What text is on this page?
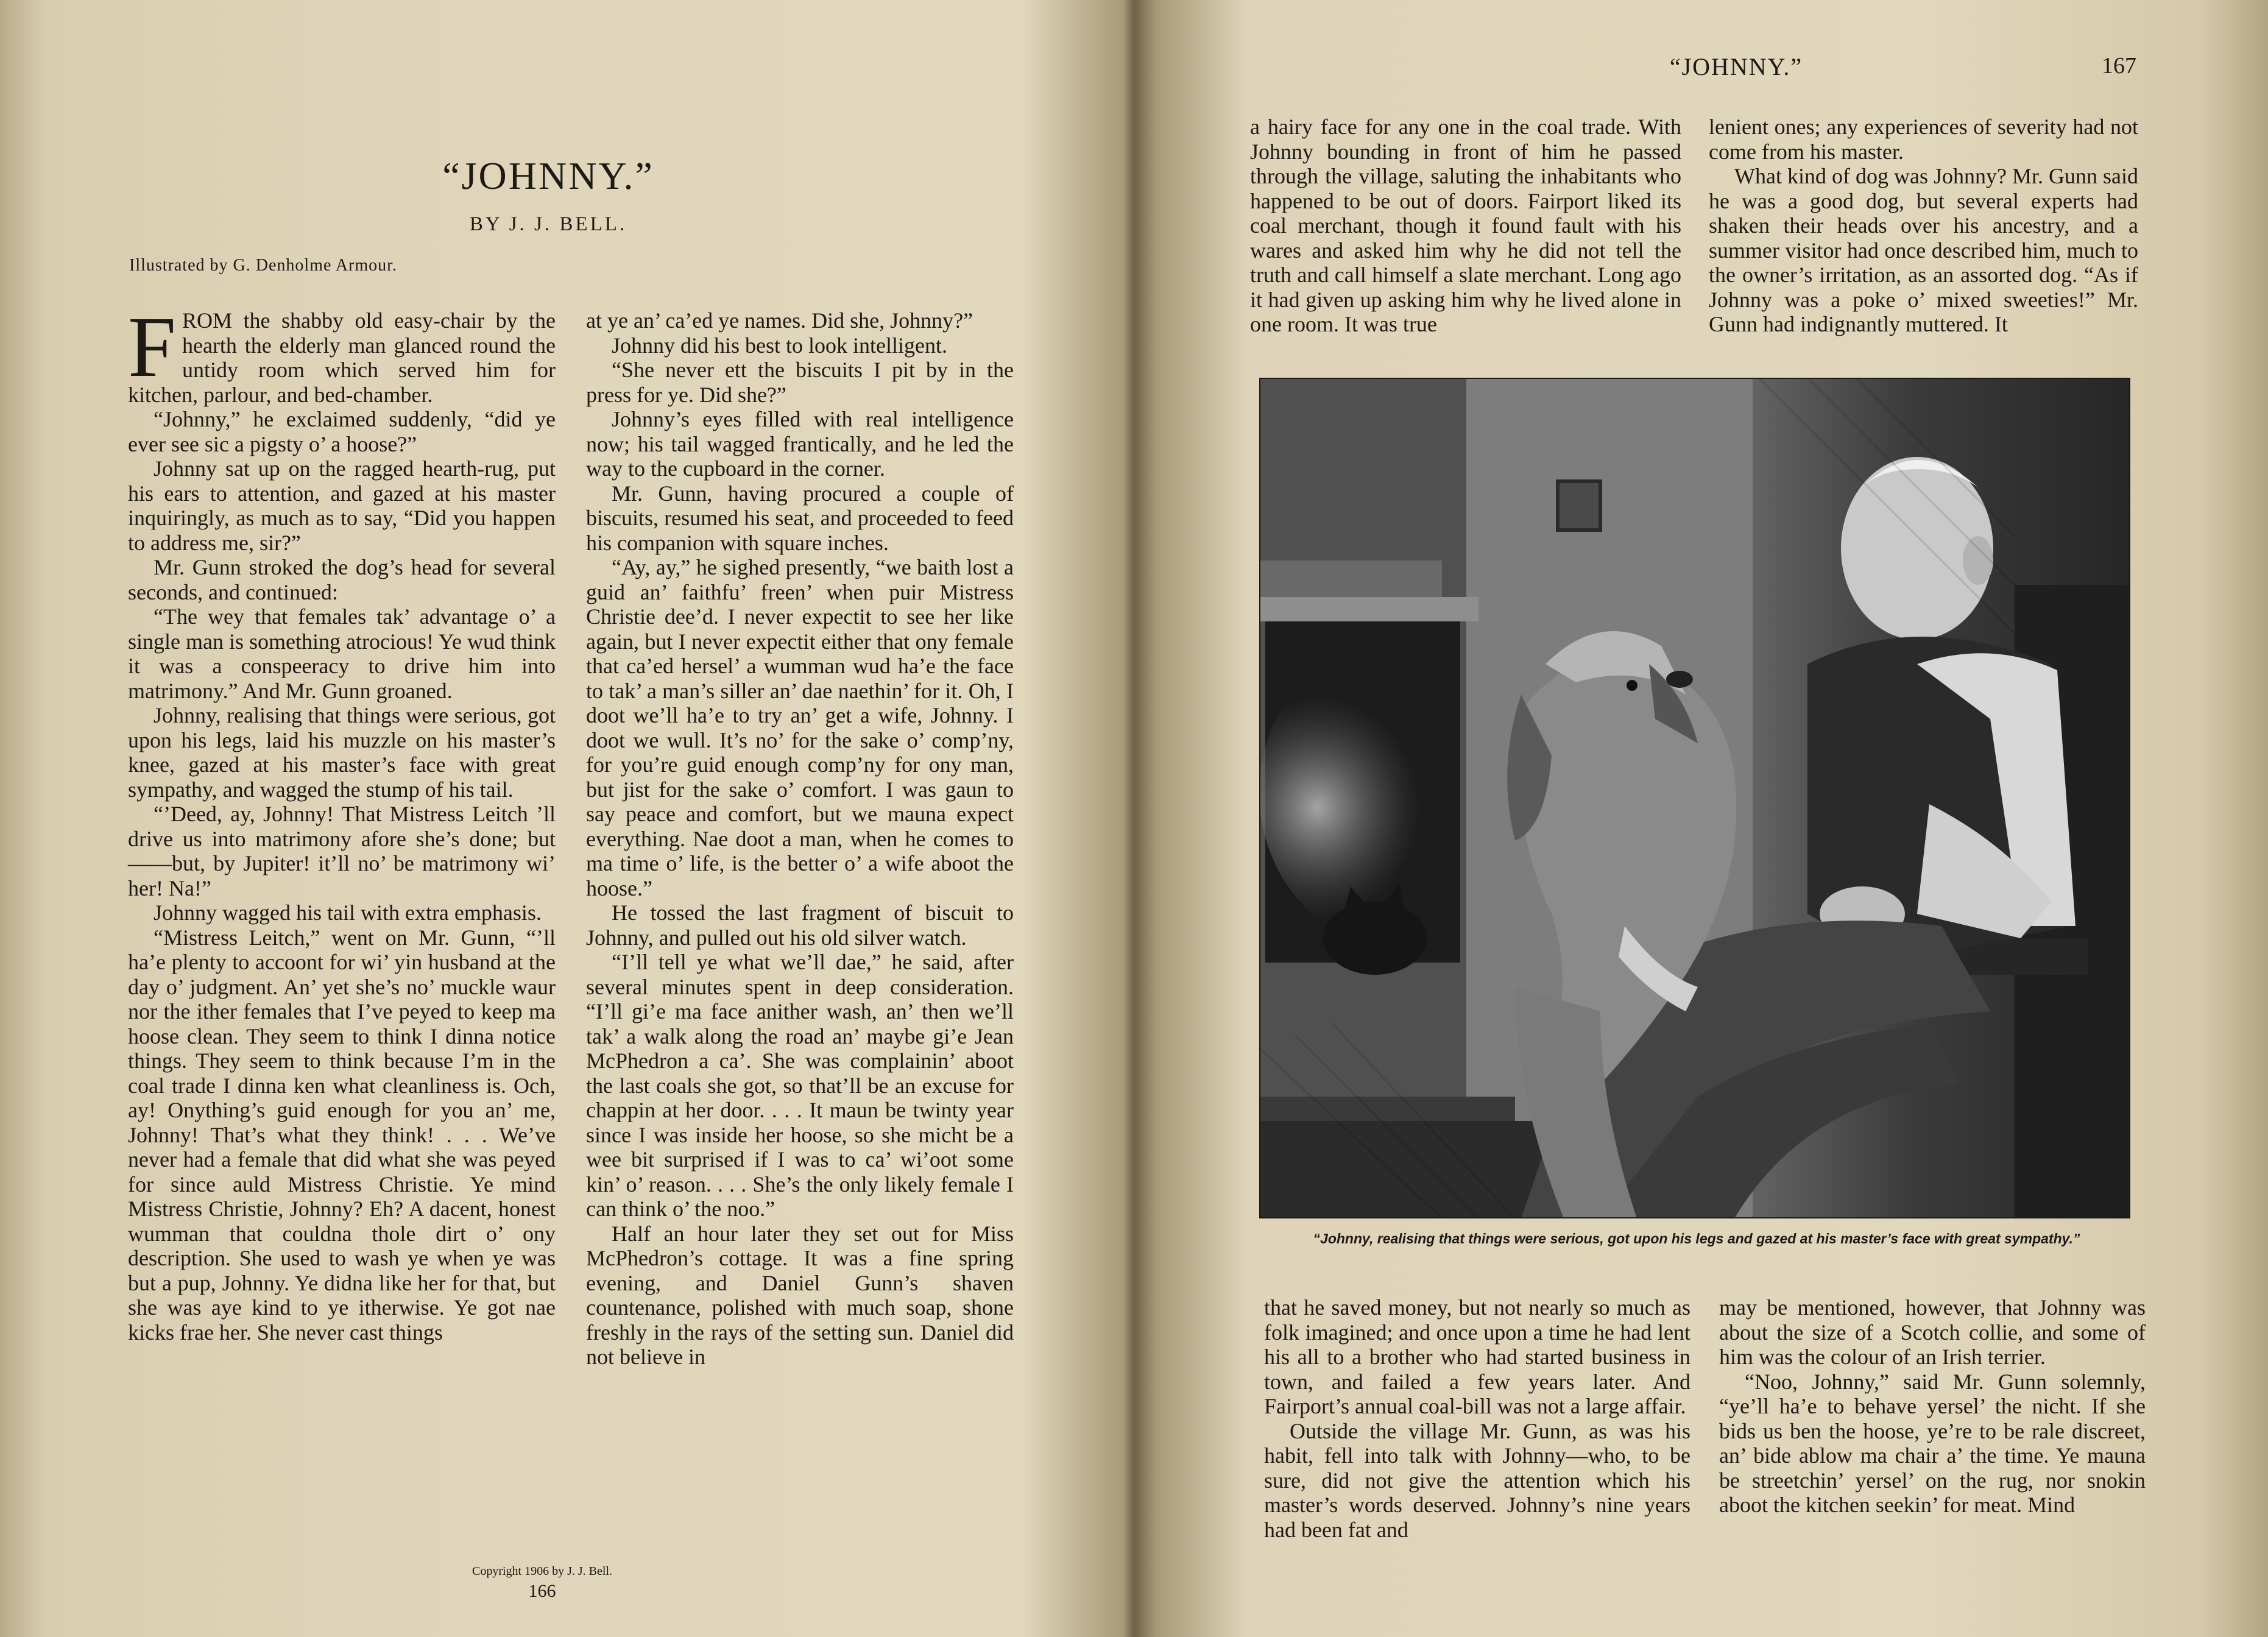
“JOHNNY.”
BY J. J. BELL.
Illustrated by G. Denholme Armour.

FROM the shabby old easy-chair by the hearth the elderly man glanced round the untidy room which served him for kitchen, parlour, and bed-chamber.

“Johnny,” he exclaimed suddenly, “did ye ever see sic a pigsty o’ a hoose?”

Johnny sat up on the ragged hearth-rug, put his ears to attention, and gazed at his master inquiringly, as much as to say, “Did you happen to address me, sir?”

Mr. Gunn stroked the dog’s head for several seconds, and continued:

“The wey that females tak’ advantage o’ a single man is something atrocious! Ye wud think it was a conspeeracy to drive him into matrimony.” And Mr. Gunn groaned.

Johnny, realising that things were serious, got upon his legs, laid his muzzle on his master’s knee, gazed at his master’s face with great sympathy, and wagged the stump of his tail.

“’Deed, ay, Johnny! That Mistress Leitch ’ll drive us into matrimony afore she’s done; but——but, by Jupiter! it’ll no’ be matrimony wi’ her! Na!”

Johnny wagged his tail with extra emphasis.

“Mistress Leitch,” went on Mr. Gunn, “’ll ha’e plenty to accoont for wi’ yin husband at the day o’ judgment. An’ yet she’s no’ muckle waur nor the ither females that I’ve peyed to keep ma hoose clean. They seem to think I dinna notice things. They seem to think because I’m in the coal trade I dinna ken what cleanliness is. Och, ay! Onything’s guid enough for you an’ me, Johnny! That’s what they think! . . . We’ve never had a female that did what she was peyed for since auld Mistress Christie. Ye mind Mistress Christie, Johnny? Eh? A dacent, honest wumman that couldna thole dirt o’ ony description. She used to wash ye when ye was but a pup, Johnny. Ye didna like her for that, but she was aye kind to ye itherwise. Ye got nae kicks frae her. She never cast things

at ye an’ ca’ed ye names. Did she, Johnny?”

Johnny did his best to look intelligent.

“She never ett the biscuits I pit by in the press for ye. Did she?”

Johnny’s eyes filled with real intelligence now; his tail wagged frantically, and he led the way to the cupboard in the corner.

Mr. Gunn, having procured a couple of biscuits, resumed his seat, and proceeded to feed his companion with square inches.

“Ay, ay,” he sighed presently, “we baith lost a guid an’ faithfu’ freen’ when puir Mistress Christie dee’d. I never expectit to see her like again, but I never expectit either that ony female that ca’ed hersel’ a wumman wud ha’e the face to tak’ a man’s siller an’ dae naethin’ for it. Oh, I doot we’ll ha’e to try an’ get a wife, Johnny. I doot we wull. It’s no’ for the sake o’ comp’ny, for you’re guid enough comp’ny for ony man, but jist for the sake o’ comfort. I was gaun to say peace and comfort, but we mauna expect everything. Nae doot a man, when he comes to ma time o’ life, is the better o’ a wife aboot the hoose.”

He tossed the last fragment of biscuit to Johnny, and pulled out his old silver watch.

“I’ll tell ye what we’ll dae,” he said, after several minutes spent in deep consideration. “I’ll gi’e ma face anither wash, an’ then we’ll tak’ a walk along the road an’ maybe gi’e Jean McPhedron a ca’. She was complainin’ aboot the last coals she got, so that’ll be an excuse for chappin at her door. . . . It maun be twinty year since I was inside her hoose, so she micht be a wee bit surprised if I was to ca’ wi’oot some kin’ o’ reason. . . . She’s the only likely female I can think o’ the noo.”

Half an hour later they set out for Miss McPhedron’s cottage. It was a fine spring evening, and Daniel Gunn’s shaven countenance, polished with much soap, shone freshly in the rays of the setting sun. Daniel did not believe in

Copyright 1906 by J. J. Bell.
166
“JOHNNY.”	167

a hairy face for any one in the coal trade. With Johnny bounding in front of him he passed through the village, saluting the inhabitants who happened to be out of doors. Fairport liked its coal merchant, though it found fault with his wares and asked him why he did not tell the truth and call himself a slate merchant. Long ago it had given up asking him why he lived alone in one room. It was true

lenient ones; any experiences of severity had not come from his master.

What kind of dog was Johnny? Mr. Gunn said he was a good dog, but several experts had shaken their heads over his ancestry, and a summer visitor had once described him, much to the owner’s irritation, as an assorted dog. “As if Johnny was a poke o’ mixed sweeties!” Mr. Gunn had indignantly muttered. It

“Johnny, realising that things were serious, got upon his legs and gazed at his master’s face with great sympathy.”

that he saved money, but not nearly so much as folk imagined; and once upon a time he had lent his all to a brother who had started business in town, and failed a few years later. And Fairport’s annual coal-bill was not a large affair.

Outside the village Mr. Gunn, as was his habit, fell into talk with Johnny—who, to be sure, did not give the attention which his master’s words deserved. Johnny’s nine years had been fat and

may be mentioned, however, that Johnny was about the size of a Scotch collie, and some of him was the colour of an Irish terrier.

“Noo, Johnny,” said Mr. Gunn solemnly, “ye’ll ha’e to behave yersel’ the nicht. If she bids us ben the hoose, ye’re to be rale discreet, an’ bide ablow ma chair a’ the time. Ye mauna be streetchin’ yersel’ on the rug, nor snokin aboot the kitchen seekin’ for meat. Mind
